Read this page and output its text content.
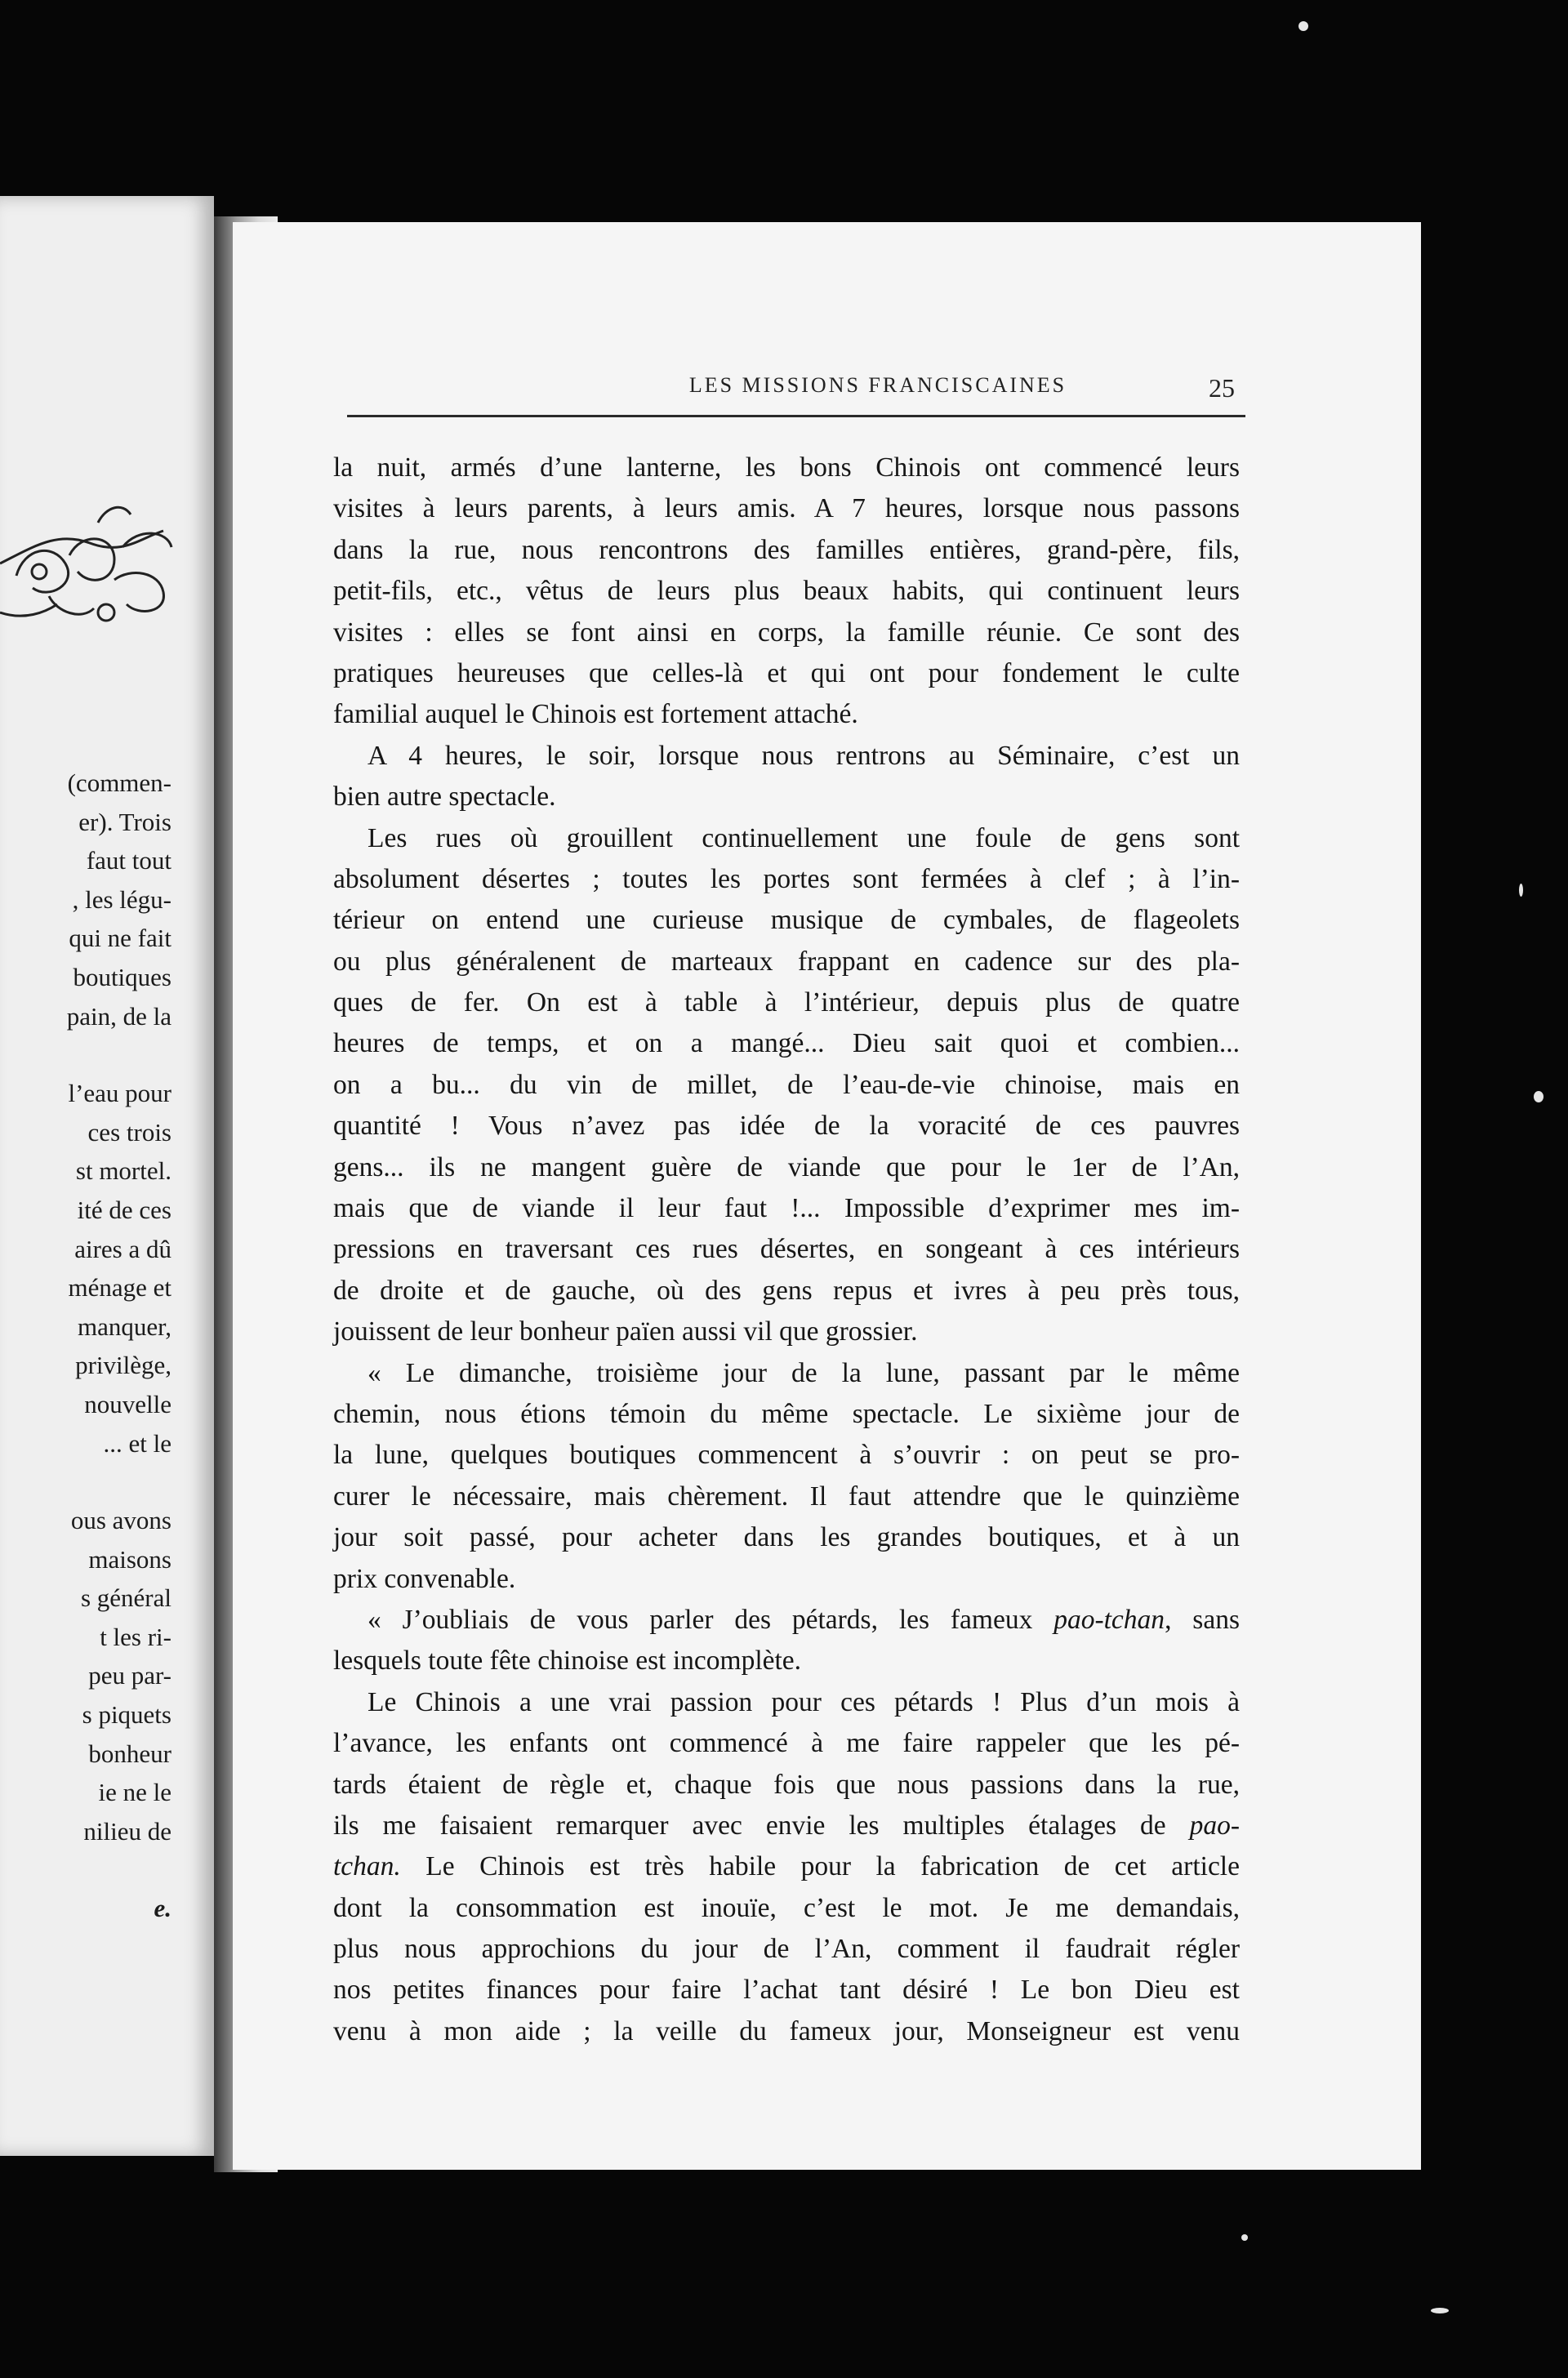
(commen-
er). Trois
faut tout
, les légu-
qui ne fait
boutiques
pain, de la
l’eau pour
ces trois
st mortel.
ité de ces
aires a dû
ménage et
manquer,
privilège,
nouvelle
... et le
ous avons
maisons
s général
t les ri-
peu par-
s piquets
bonheur
ie ne le
nilieu de
e.
LES MISSIONS FRANCISCAINES	25
la nuit, armés d’une lanterne, les bons Chinois ont commencé leurs
visites à leurs parents, à leurs amis. A 7 heures, lorsque nous passons
dans la rue, nous rencontrons des familles entières, grand-père, fils,
petit-fils, etc., vêtus de leurs plus beaux habits, qui continuent leurs
visites : elles se font ainsi en corps, la famille réunie. Ce sont des
pratiques heureuses que celles-là et qui ont pour fondement le culte
familial auquel le Chinois est fortement attaché.
A 4 heures, le soir, lorsque nous rentrons au Séminaire, c’est un
bien autre spectacle.
Les rues où grouillent continuellement une foule de gens sont
absolument désertes ; toutes les portes sont fermées à clef ; à l’in-
térieur on entend une curieuse musique de cymbales, de flageolets
ou plus généralenent de marteaux frappant en cadence sur des pla-
ques de fer. On est à table à l’intérieur, depuis plus de quatre
heures de temps, et on a mangé... Dieu sait quoi et combien...
on a bu... du vin de millet, de l’eau-de-vie chinoise, mais en
quantité ! Vous n’avez pas idée de la voracité de ces pauvres
gens... ils ne mangent guère de viande que pour le 1er de l’An,
mais que de viande il leur faut !... Impossible d’exprimer mes im-
pressions en traversant ces rues désertes, en songeant à ces intérieurs
de droite et de gauche, où des gens repus et ivres à peu près tous,
jouissent de leur bonheur païen aussi vil que grossier.
« Le dimanche, troisième jour de la lune, passant par le même
chemin, nous étions témoin du même spectacle. Le sixième jour de
la lune, quelques boutiques commencent à s’ouvrir : on peut se pro-
curer le nécessaire, mais chèrement. Il faut attendre que le quinzième
jour soit passé, pour acheter dans les grandes boutiques, et à un
prix convenable.
« J’oubliais de vous parler des pétards, les fameux pao-tchan, sans
lesquels toute fête chinoise est incomplète.
Le Chinois a une vrai passion pour ces pétards ! Plus d’un mois à
l’avance, les enfants ont commencé à me faire rappeler que les pé-
tards étaient de règle et, chaque fois que nous passions dans la rue,
ils me faisaient remarquer avec envie les multiples étalages de pao-
tchan. Le Chinois est très habile pour la fabrication de cet article
dont la consommation est inouïe, c’est le mot. Je me demandais,
plus nous approchions du jour de l’An, comment il faudrait régler
nos petites finances pour faire l’achat tant désiré ! Le bon Dieu est
venu à mon aide ; la veille du fameux jour, Monseigneur est venu
